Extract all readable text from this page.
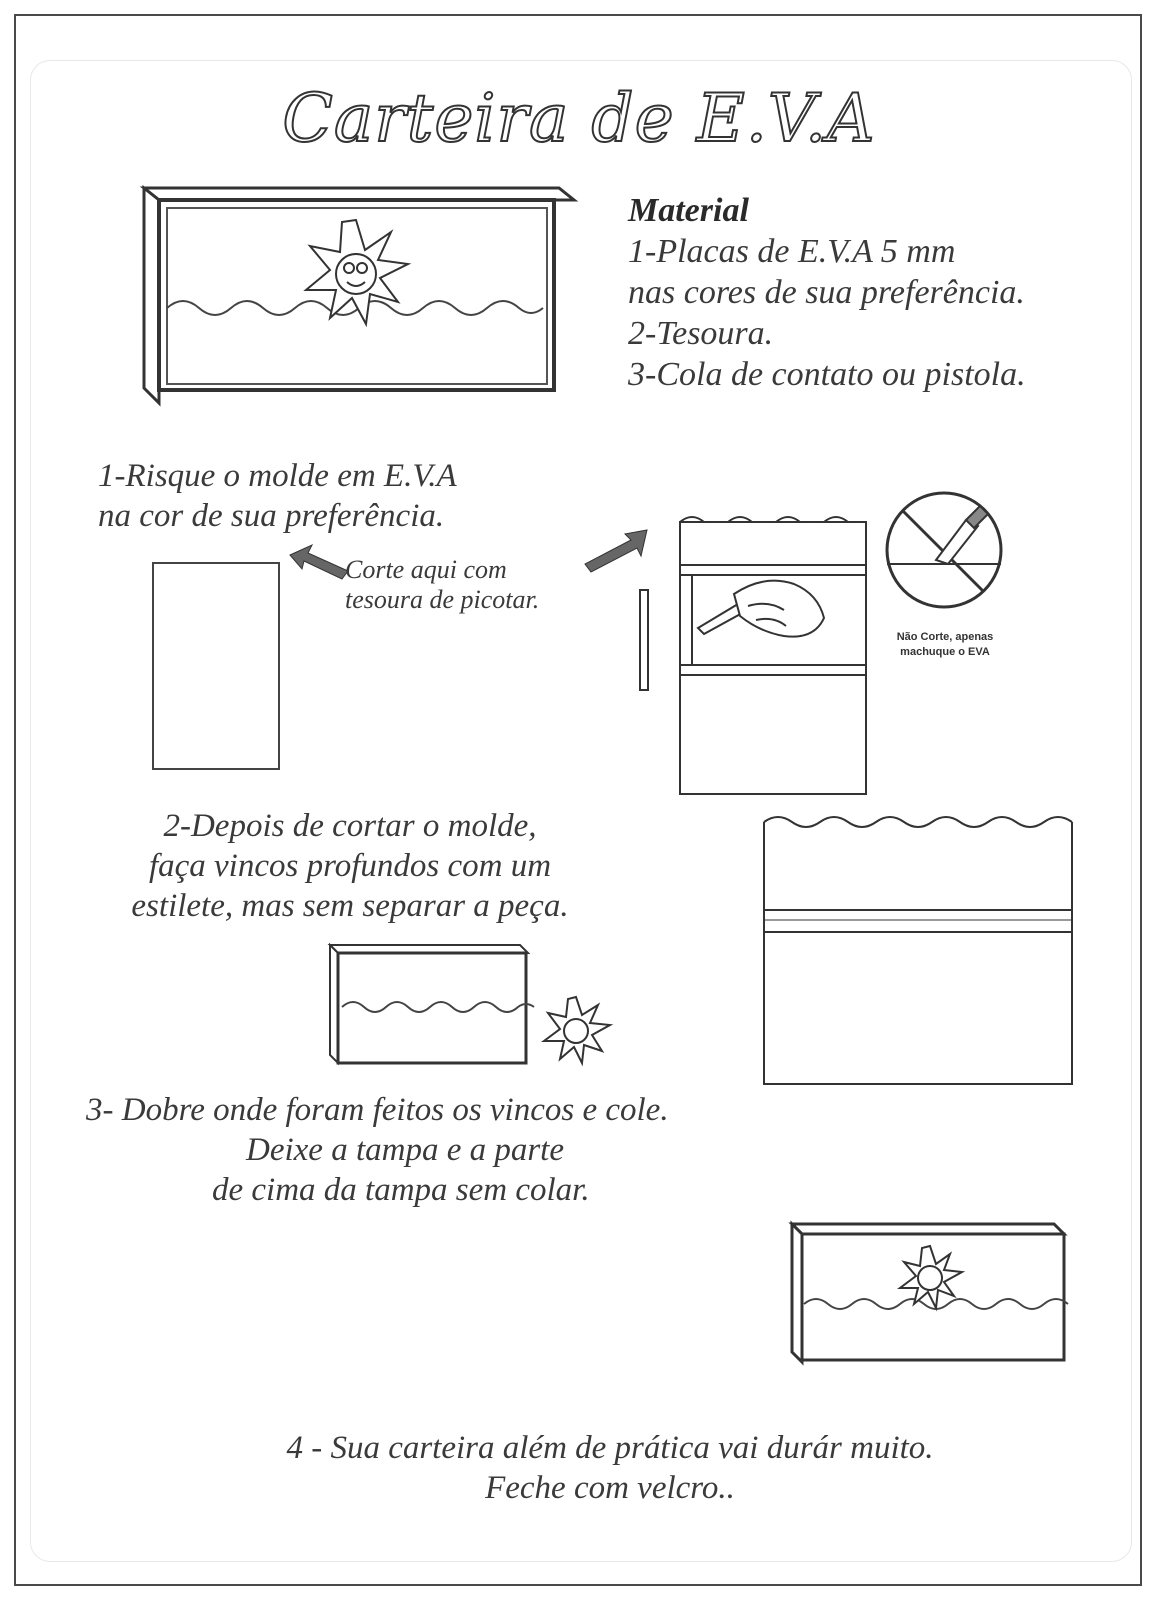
Carteira de E.V.A
Material
1-Placas de E.V.A 5 mm
nas cores de sua preferência.
2-Tesoura.
3-Cola de contato ou pistola.
1-Risque o molde em E.V.A
na cor de sua preferência.
Corte aqui com
tesoura de picotar.
Não Corte, apenas
machuque o EVA
2-Depois de cortar o molde,
faça vincos profundos com um
estilete, mas sem separar a peça.
3- Dobre onde foram feitos os vincos e cole.
Deixe a tampa e a parte
de cima da tampa sem colar.
4 - Sua carteira além de prática vai durár muito.
Feche com velcro..
